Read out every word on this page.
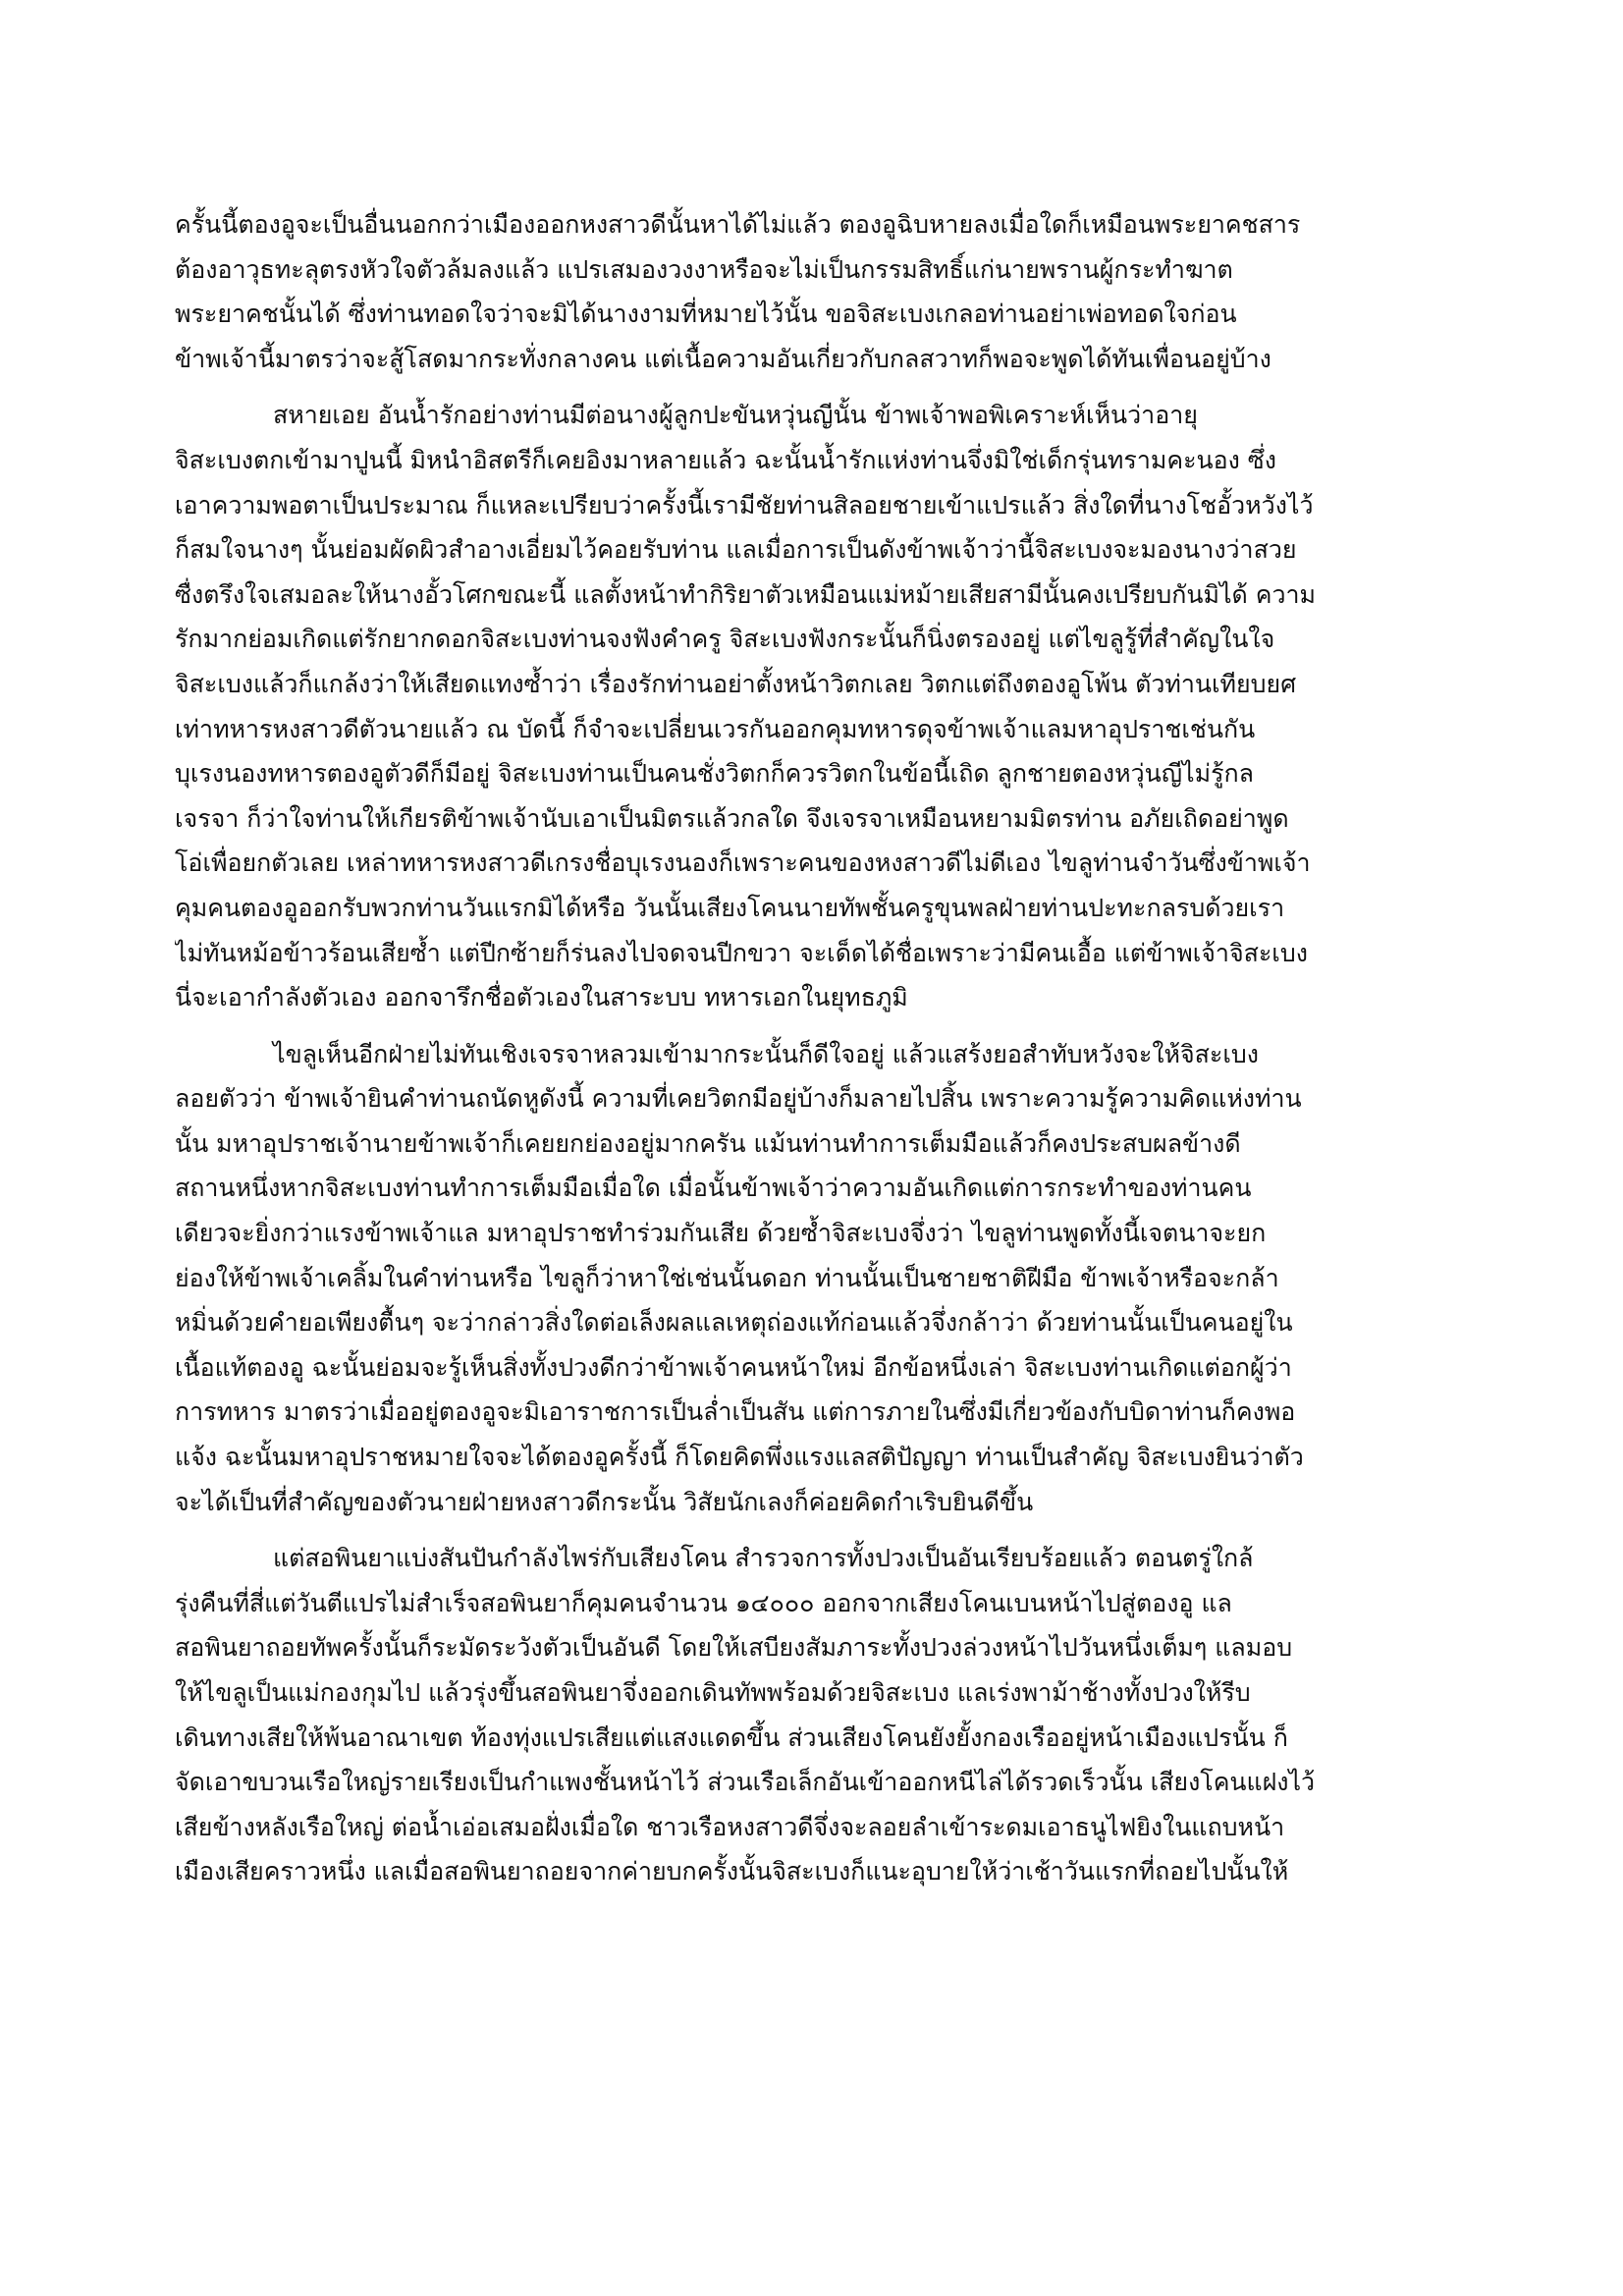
ครั้นนี้ตองอูจะเป็นอื่นนอกกว่าเมืองออกหงสาวดีนั้นหาได้ไม่แล้ว ตองอูฉิบหายลงเมื่อใดก็เหมือนพระยาคชสาร
ต้องอาวุธทะลุตรงหัวใจตัวล้มลงแล้ว แปรเสมองวงงาหรือจะไม่เป็นกรรมสิทธิ์แก่นายพรานผู้กระทำฆาต
พระยาคชนั้นได้ ซึ่งท่านทอดใจว่าจะมิได้นางงามที่หมายไว้นั้น ขอจิสะเบงเกลอท่านอย่าเพ่อทอดใจก่อน
ข้าพเจ้านี้มาตรว่าจะสู้โสดมากระทั่งกลางคน แต่เนื้อความอันเกี่ยวกับกลสวาทก็พอจะพูดได้ทันเพื่อนอยู่บ้าง

สหายเอย อันน้ำรักอย่างท่านมีต่อนางผู้ลูกปะขันหวุ่นญีนั้น ข้าพเจ้าพอพิเคราะห์เห็นว่าอายุ
จิสะเบงตกเข้ามาปูนนี้ มิหนำอิสตรีก็เคยอิงมาหลายแล้ว ฉะนั้นน้ำรักแห่งท่านจึ่งมิใช่เด็กรุ่นทรามคะนอง ซึ่ง
เอาความพอตาเป็นประมาณ ก็แหละเปรียบว่าครั้งนี้เรามีชัยท่านสิลอยชายเข้าแปรแล้ว สิ่งใดที่นางโชอั้วหวังไว้
ก็สมใจนางๆ นั้นย่อมผัดผิวสำอางเอี่ยมไว้คอยรับท่าน แลเมื่อการเป็นดังข้าพเจ้าว่านี้จิสะเบงจะมองนางว่าสวย
ซื่งตรึงใจเสมอละให้นางอั้วโศกขณะนี้ แลตั้งหน้าทำกิริยาตัวเหมือนแม่หม้ายเสียสามีนั้นคงเปรียบกันมิได้ ความ
รักมากย่อมเกิดแต่รักยากดอกจิสะเบงท่านจงฟังคำครู จิสะเบงฟังกระนั้นก็นิ่งตรองอยู่ แต่ไขลูรู้ที่สำคัญในใจ
จิสะเบงแล้วก็แกล้งว่าให้เสียดแทงซ้ำว่า เรื่องรักท่านอย่าตั้งหน้าวิตกเลย วิตกแต่ถึงตองอูโพ้น ตัวท่านเทียบยศ
เท่าทหารหงสาวดีตัวนายแล้ว ณ บัดนี้ ก็จำจะเปลี่ยนเวรกันออกคุมทหารดุจข้าพเจ้าแลมหาอุปราชเช่นกัน
บุเรงนองทหารตองอูตัวดีก็มีอยู่ จิสะเบงท่านเป็นคนชั่งวิตกก็ควรวิตกในข้อนี้เถิด ลูกชายตองหวุ่นญีไม่รู้กล
เจรจา ก็ว่าใจท่านให้เกียรติข้าพเจ้านับเอาเป็นมิตรแล้วกลใด จึงเจรจาเหมือนหยามมิตรท่าน อภัยเถิดอย่าพูด
โอ่เพื่อยกตัวเลย เหล่าทหารหงสาวดีเกรงชื่อบุเรงนองก็เพราะคนของหงสาวดีไม่ดีเอง ไขลูท่านจำวันซึ่งข้าพเจ้า
คุมคนตองอูออกรับพวกท่านวันแรกมิได้หรือ วันนั้นเสียงโคนนายทัพชั้นครูขุนพลฝ่ายท่านปะทะกลรบด้วยเรา
ไม่ทันหม้อข้าวร้อนเสียซ้ำ แต่ปีกซ้ายก็ร่นลงไปจดจนปีกขวา จะเด็ดได้ชื่อเพราะว่ามีคนเอื้อ แต่ข้าพเจ้าจิสะเบง
นี่จะเอากำลังตัวเอง ออกจารึกชื่อตัวเองในสาระบบ ทหารเอกในยุทธภูมิ

ไขลูเห็นอีกฝ่ายไม่ทันเชิงเจรจาหลวมเข้ามากระนั้นก็ดีใจอยู่ แล้วแสร้งยอสำทับหวังจะให้จิสะเบง
ลอยตัวว่า ข้าพเจ้ายินคำท่านถนัดหูดังนี้ ความที่เคยวิตกมีอยู่บ้างก็มลายไปสิ้น เพราะความรู้ความคิดแห่งท่าน
นั้น มหาอุปราชเจ้านายข้าพเจ้าก็เคยยกย่องอยู่มากครัน แม้นท่านทำการเต็มมือแล้วก็คงประสบผลข้างดี
สถานหนึ่งหากจิสะเบงท่านทำการเต็มมือเมื่อใด เมื่อนั้นข้าพเจ้าว่าความอันเกิดแต่การกระทำของท่านคน
เดียวจะยิ่งกว่าแรงข้าพเจ้าแล มหาอุปราชทำร่วมกันเสีย ด้วยซ้ำจิสะเบงจึ่งว่า ไขลูท่านพูดทั้งนี้เจตนาจะยก
ย่องให้ข้าพเจ้าเคลิ้มในคำท่านหรือ ไขลูก็ว่าหาใช่เช่นนั้นดอก ท่านนั้นเป็นชายชาติฝีมือ ข้าพเจ้าหรือจะกล้า
หมิ่นด้วยคำยอเพียงตื้นๆ จะว่ากล่าวสิ่งใดต่อเล็งผลแลเหตุถ่องแท้ก่อนแล้วจึ่งกล้าว่า ด้วยท่านนั้นเป็นคนอยู่ใน
เนื้อแท้ตองอู ฉะนั้นย่อมจะรู้เห็นสิ่งทั้งปวงดีกว่าข้าพเจ้าคนหน้าใหม่ อีกข้อหนึ่งเล่า จิสะเบงท่านเกิดแต่อกผู้ว่า
การทหาร มาตรว่าเมื่ออยู่ตองอูจะมิเอาราชการเป็นล่ำเป็นสัน แต่การภายในซึ่งมีเกี่ยวข้องกับบิดาท่านก็คงพอ
แจ้ง ฉะนั้นมหาอุปราชหมายใจจะได้ตองอูครั้งนี้ ก็โดยคิดพึ่งแรงแลสติปัญญา ท่านเป็นสำคัญ จิสะเบงยินว่าตัว
จะได้เป็นที่สำคัญของตัวนายฝ่ายหงสาวดีกระนั้น วิสัยนักเลงก็ค่อยคิดกำเริบยินดีขึ้น

แต่สอพินยาแบ่งสันปันกำลังไพร่กับเสียงโคน สำรวจการทั้งปวงเป็นอันเรียบร้อยแล้ว ตอนตรู่ใกล้
รุ่งคืนที่สี่แต่วันตีแปรไม่สำเร็จสอพินยาก็คุมคนจำนวน ๑๔๐๐๐ ออกจากเสียงโคนเบนหน้าไปสู่ตองอู แล
สอพินยาถอยทัพครั้งนั้นก็ระมัดระวังตัวเป็นอันดี โดยให้เสบียงสัมภาระทั้งปวงล่วงหน้าไปวันหนึ่งเต็มๆ แลมอบ
ให้ไขลูเป็นแม่กองกุมไป แล้วรุ่งขึ้นสอพินยาจึ่งออกเดินทัพพร้อมด้วยจิสะเบง แลเร่งพาม้าช้างทั้งปวงให้รีบ
เดินทางเสียให้พ้นอาณาเขต ท้องทุ่งแปรเสียแต่แสงแดดขึ้น ส่วนเสียงโคนยังยั้งกองเรืออยู่หน้าเมืองแปรนั้น ก็
จัดเอาขบวนเรือใหญ่รายเรียงเป็นกำแพงชั้นหน้าไว้ ส่วนเรือเล็กอันเข้าออกหนีไล่ได้รวดเร็วนั้น เสียงโคนแฝงไว้
เสียข้างหลังเรือใหญ่ ต่อน้ำเอ่อเสมอฝั่งเมื่อใด ชาวเรือหงสาวดีจึ่งจะลอยลำเข้าระดมเอาธนูไฟยิงในแถบหน้า
เมืองเสียคราวหนึ่ง แลเมื่อสอพินยาถอยจากค่ายบกครั้งนั้นจิสะเบงก็แนะอุบายให้ว่าเช้าวันแรกที่ถอยไปนั้นให้
